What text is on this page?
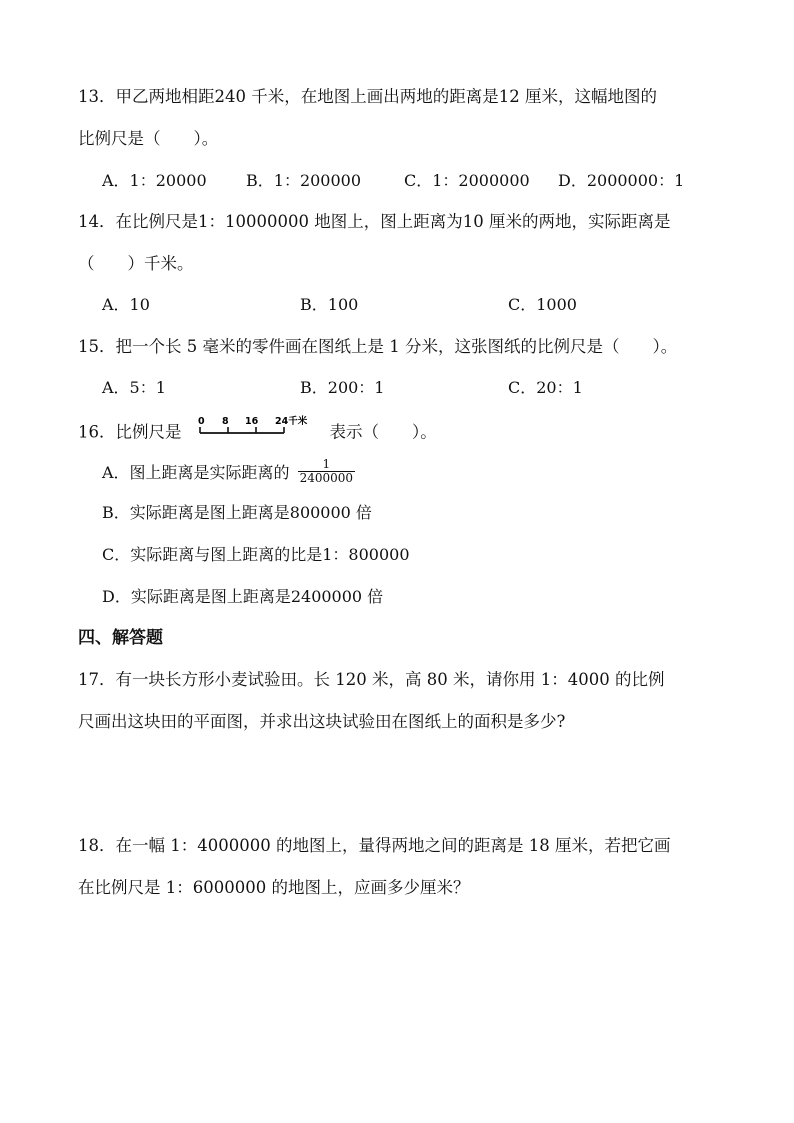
13．甲乙两地相距240 千米，在地图上画出两地的距离是12 厘米，这幅地图的
比例尺是（　　）。
A．1：20000 B．1：200000	C．1：2000000 D．2000000：1
14．在比例尺是1：10000000 地图上，图上距离为10 厘米的两地，实际距离是
（　　）千米。
A．10	B．100	C．1000
15．把一个长 5 毫米的零件画在图纸上是 1 分米，这张图纸的比例尺是（　　）。
A．5：1	B．200：1	C．20：1
16．比例尺是
0 8 16 24千米
表示（　　）。
A．图上距离是实际距离的 $\frac{1}{2400000}$
B．实际距离是图上距离是800000 倍
C．实际距离与图上距离的比是1：800000
D．实际距离是图上距离是2400000 倍
四、解答题
17．有一块长方形小麦试验田。长 120 米，高 80 米，请你用 1：4000 的比例
尺画出这块田的平面图，并求出这块试验田在图纸上的面积是多少?
18．在一幅 1：4000000 的地图上，量得两地之间的距离是 18 厘米，若把它画
在比例尺是 1：6000000 的地图上，应画多少厘米？
